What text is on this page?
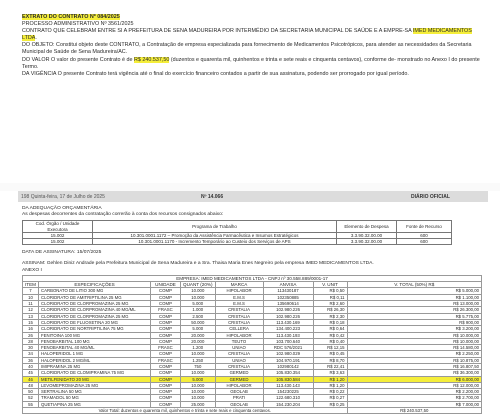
EXTRATO DO CONTRATO Nº 084/2025

PROCESSO ADMINISTRATIVO Nº 3561/2025

CONTRATO QUE CELEBRAM ENTRE SI A PREFEITURA DE SENA MADUREIRA POR INTERMÉDIO DA SECRETARIA MUNICIPAL DE SAÚDE E A EMPRE-SA IMED MEDICAMENTOS LTDA.

DO OBJETO: Constitui objeto deste CONTRATO, a Contratação de empresa especializada para fornecimento de Medicamentos Psicotrópicos, para atender as necessidades da Secretaria Municipal de Saúde de Sena Madureira/AC.

DO VALOR O valor do presente Contrato é de R$ 240.537,50 (duzentos e quarenta mil, quinhentos e trinta e sete reais e cinquenta centavos), conforme de- monstrado no Anexo I do presente Termo.

DA VIGÊNCIA O presente Contrato terá vigência até o final do exercício financeiro contados a partir de sua assinatura, podendo ser prorrogado por igual período.

198 Quinta-feira, 17 de Julho de 2025	Nº 14.066	DIÁRIO OFICIAL

DA ADEQUAÇÃO ORÇAMENTÁRIA

As despesas decorrentes da contratação correrão à conta dos recursos consignados abaixo:

Cod. Órgão / Unidade Executora	Programa de Trabalho	Elemento de Despesa	Fonte de Recurso
15.002	10.301.0001.1172 – Promoção da Assistência Farmacêutica e Insumos Estratégicos	3.3.90.32.00.00	600
15.002	10.301.0001.1170 - Incremento Temporário ao Custeio dos Serviços de APS	3.3.90.32.00.00	600

DATA DE ASSINATURA: 15/07/2025

ASSINAM: Gehlen Diniz Andrade pela Prefeitura Municipal de Sena Madureira e a Sra. Thaisa Maria Enes Negreiro pela empresa IMED MEDICAMENTOS LTDA.

ANEXO I

EMPRESA: IMED MEDICAMENTOS LTDA - CNPJ nº 30.558.889/0001-17							
ITEM	ESPECIFICAÇÕES	UNIDADE	QUANT (20%)	MARCA	ANVISA	V. UNIT	V. TOTAL (50%) R$
7	CARBONATO DE LITIO 300 MG	COMP	10.000	HIPOLABOR	113430187	R$ 0,50	R$ 5.000,00
10	CLORIDRATO DE AMITRIPTILINA 25 MG	COMP	10.000	E.M.S	102350885	R$ 0,11	R$ 1.100,00
11	CLORIDRATO DE CLORPROMAZINA 25 MG	COMP	5.000	E.M.S	135690614	R$ 2,60	R$ 13.000,00
12	CLORIDRATO DE CLORPROMAZINA 40 MG/ML	FRASC	1.000	CRISTALIA	102.980.226	R$ 26,30	R$ 26.300,00
13	CLORIDRATO DE CLORPROMAZINA 25 MG	COMP	2.500	CRISTALIA	102.980.226	R$ 2,30	R$ 5.775,00
15	CLORIDRATO DE FLUOXETINA 20 MG	COMP	50.000	CRISTALIA	113.430.169	R$ 0,18	R$ 900,00
16	CLORIDRATO DE NORTRIPTILINA 75 MG	COMP	5.000	CELLERA	134.400.223	R$ 0,64	R$ 3.200,00
26	FENITOINA 100 MG	COMP	20.000	HIPOLABOR	113.430.193	R$ 0,42	R$ 10.000,00
28	FENOBARBITAL 100 MG	COMP	20.000	TEUTO	103.700.640	R$ 0,40	R$ 10.000,00
30	FENOBARBITAL 40 MG/ML	FRASC	1.200	UNIAO	RDC 576/2021	R$ 12,15	R$ 14.580,00
34	HALOPERIDOL 1 MG	COMP	10.000	CRISTALIA	102.980.029	R$ 0,45	R$ 2.250,00
36	HALOPERIDOL 2 MG/ML	FRASC	1.250	UNIAO	104.970.191	R$ 8,70	R$ 10.875,00
40	IMIPRAMINA 25 MG	COMP	750	CRISTALIA	102980142	R$ 22,41	R$ 16.807,50
45	CLORIDRATO DE CLOMIPRAMINA 75 MG	COMP	10.000	GERMED	105.830.354	R$ 3,63	R$ 36.300,00
46	METILFENIDATO 20 MG	COMP	5.000	GERMED	105.830.584	R$ 1,20	R$ 6.000,00
48	LEVOMEPROMAZINA 25 MG	COMP	10.000	HIPOLABOR	113.430.143	R$ 1,20	R$ 12.000,00
50	SERTRALINA 50 MG	COMP	10.000	GEOLAB	154230225	R$ 0,22	R$ 2.200,00
52	TRAMADOL 50 MG	COMP	10.000	PRATI	122.680.310	R$ 0,27	R$ 2.700,00
55	QUETIAPINA 25 MG	COMP	25.000	GEOLAB	154.230.204	R$ 0,25	R$ 7.000,00
Valor Total: duzentos e quarenta mil, quinhentos e trinta e sete reais e cinquenta centavos.							R$ 240.537,50
